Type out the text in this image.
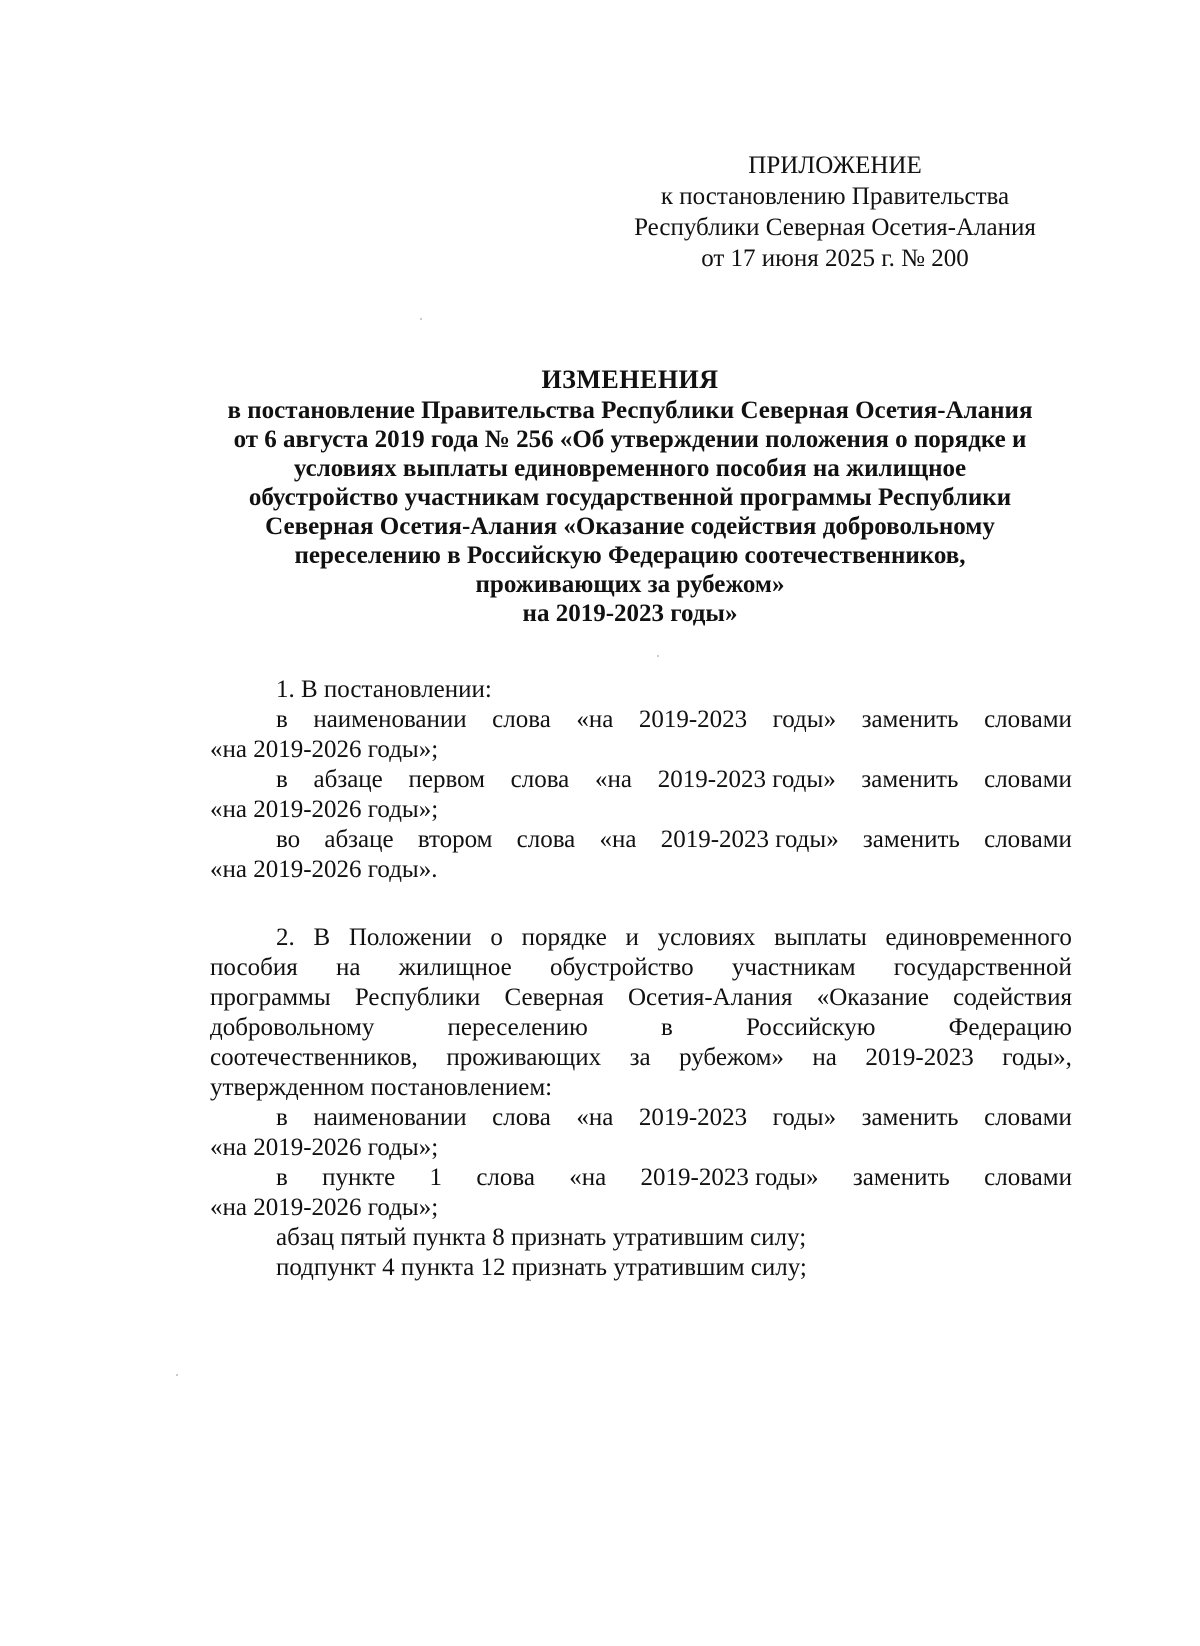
ПРИЛОЖЕНИЕ
к постановлению Правительства
Республики Северная Осетия-Алания
от 17 июня 2025 г. № 200
ИЗМЕНЕНИЯ
в постановление Правительства Республики Северная Осетия-Алания
от 6 августа 2019 года № 256 «Об утверждении положения о порядке и
условиях выплаты единовременного пособия на жилищное
обустройство участникам государственной программы Республики
Северная Осетия-Алания «Оказание содействия добровольному
переселению в Российскую Федерацию соотечественников,
проживающих за рубежом»
на 2019-2023 годы»
1. В постановлении:
в наименовании слова «на 2019-2023 годы» заменить словами
«на 2019-2026 годы»;
в абзаце первом слова «на 2019-2023 годы» заменить словами
«на 2019-2026 годы»;
во абзаце втором слова «на 2019-2023 годы» заменить словами
«на 2019-2026 годы».
2. В Положении о порядке и условиях выплаты единовременного
пособия на жилищное обустройство участникам государственной
программы Республики Северная Осетия-Алания «Оказание содействия
добровольному	переселению	в	Российскую	Федерацию
соотечественников, проживающих за рубежом» на 2019-2023 годы»,
утвержденном постановлением:
в наименовании слова «на 2019-2023 годы» заменить словами
«на 2019-2026 годы»;
в пункте 1 слова «на 2019-2023 годы» заменить словами
«на 2019-2026 годы»;
абзац пятый пункта 8 признать утратившим силу;
подпункт 4 пункта 12 признать утратившим силу;
